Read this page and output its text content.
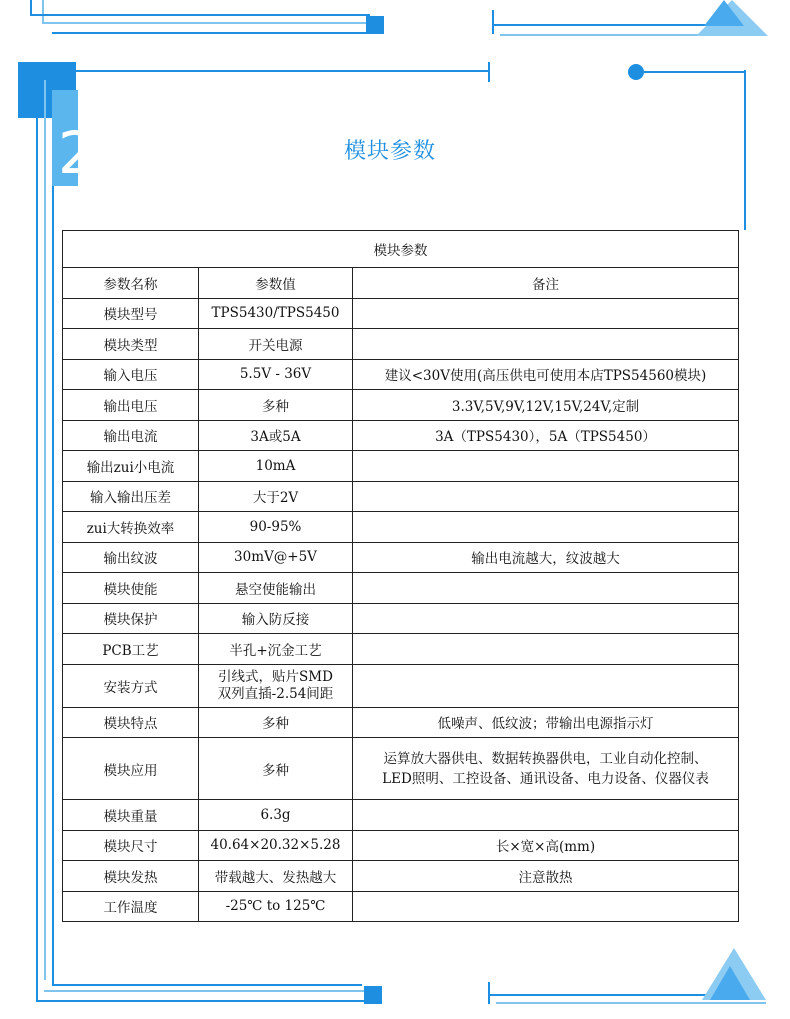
2	模块参数
模块参数		
参数名称	参数值	备注
模块型号	TPS5430/TPS5450	
模块类型	开关电源	
输入电压	5.5V - 36V	建议<30V使用(高压供电可使用本店TPS54560模块)
输出电压	多种	3.3V,5V,9V,12V,15V,24V,定制
输出电流	3A或5A	3A（TPS5430），5A（TPS5450）
输出zui小电流	10mA	
输入输出压差	大于2V	
zui大转换效率	90-95%	
输出纹波	30mV@+5V	输出电流越大，纹波越大
模块使能	悬空使能输出	
模块保护	输入防反接	
PCB工艺	半孔+沉金工艺	
安装方式	引线式，贴片SMD
双列直插-2.54间距	

模块特点	多种	低噪声、低纹波；带输出电源指示灯
模块应用	多种	运算放大器供电、数据转换器供电，工业自动化控制、
LED照明、工控设备、通讯设备、电力设备、仪器仪表

模块重量	6.3g	
模块尺寸	40.64×20.32×5.28	长×宽×高(mm)
模块发热	带载越大、发热越大	注意散热
工作温度	-25℃ to 125℃	
